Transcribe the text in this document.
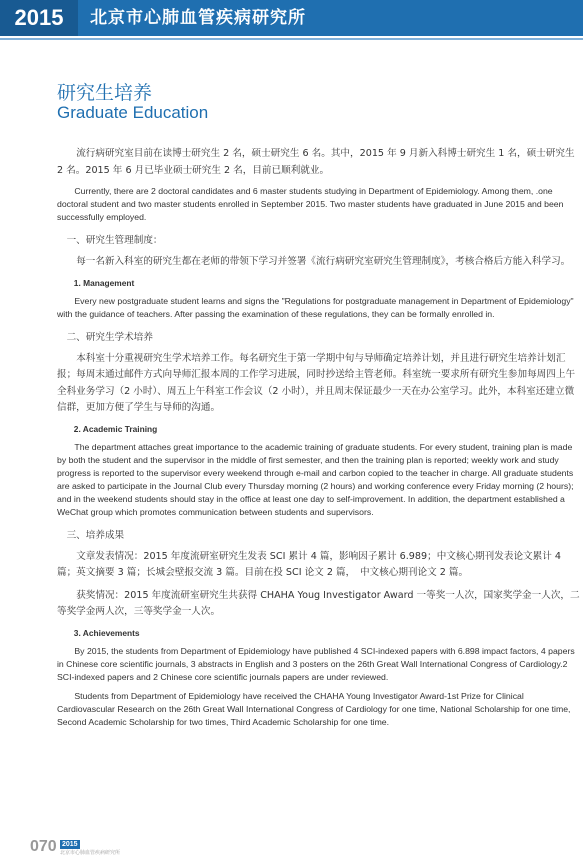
2015	北京市心肺血管疾病研究所
研究生培养
Graduate Education

流行病研究室目前在读博士研究生 2 名，硕士研究生 6 名。其中，2015 年 9 月新入科博士研究生 1 名，硕士研究生 2 名。2015 年 6 月已毕业硕士研究生 2 名，目前已顺利就业。

Currently, there are 2 doctoral candidates and 6 master students studying in Department of Epidemiology. Among them, .one doctoral student and two master students enrolled in September 2015. Two master students have graduated in June 2015 and been successfully employed.

一、研究生管理制度：

每一名新入科室的研究生都在老师的带领下学习并签署《流行病研究室研究生管理制度》，考核合格后方能入科学习。

1. Management

Every new postgraduate student learns and signs the "Regulations for postgraduate management in Department of Epidemiology" with the guidance of teachers. After passing the examination of these regulations, they can be formally enrolled in.

二、研究生学术培养

本科室十分重视研究生学术培养工作。每名研究生于第一学期中旬与导师确定培养计划，并且进行研究生培养计划汇报；每周末通过邮件方式向导师汇报本周的工作学习进展，同时抄送给主管老师。科室统一要求所有研究生参加每周四上午全科业务学习（2 小时）、周五上午科室工作会议（2 小时），并且周末保证最少一天在办公室学习。此外，本科室还建立微信群，更加方便了学生与导师的沟通。

2. Academic Training

The department attaches great importance to the academic training of graduate students. For every student, training plan is made by both the student and the supervisor in the middle of first semester, and then the training plan is reported; weekly work and study progress is reported to the supervisor every weekend through e-mail and carbon copied to the teacher in charge. All graduate students are asked to participate in the Journal Club every Thursday morning (2 hours) and working conference every Friday morning (2 hours); and in the weekend students should stay in the office at least one day to self-improvement. In addition, the department established a WeChat group which promotes communication between students and supervisors.

三、培养成果

文章发表情况：2015 年度流研室研究生发表 SCI 累计 4 篇，影响因子累计 6.989；中文核心期刊发表论文累计 4 篇；英文摘要 3 篇；长城会壁报交流 3 篇。目前在投 SCI 论文 2 篇，　中文核心期刊论文 2 篇。

获奖情况：2015 年度流研室研究生共获得 CHAHA Youg Investigator Award 一等奖一人次，国家奖学金一人次，二等奖学金两人次，三等奖学金一人次。

3. Achievements

By 2015, the students from Department of Epidemiology have published 4 SCI-indexed papers with 6.898 impact factors, 4 papers in Chinese core scientific journals, 3 abstracts in English and 3 posters on the 26th Great Wall International Congress of Cardiology.2 SCI-indexed papers and 2 Chinese core scientific journals papers are under reviewed.

Students from Department of Epidemiology have received the CHAHA Young Investigator Award-1st Prize for Clinical Cardiovascular Research on the 26th Great Wall International Congress of Cardiology for one time, National Scholarship for one time, Second Academic Scholarship for two times, Third Academic Scholarship for one time.

070 2015
北京市心肺血管疾病研究所
